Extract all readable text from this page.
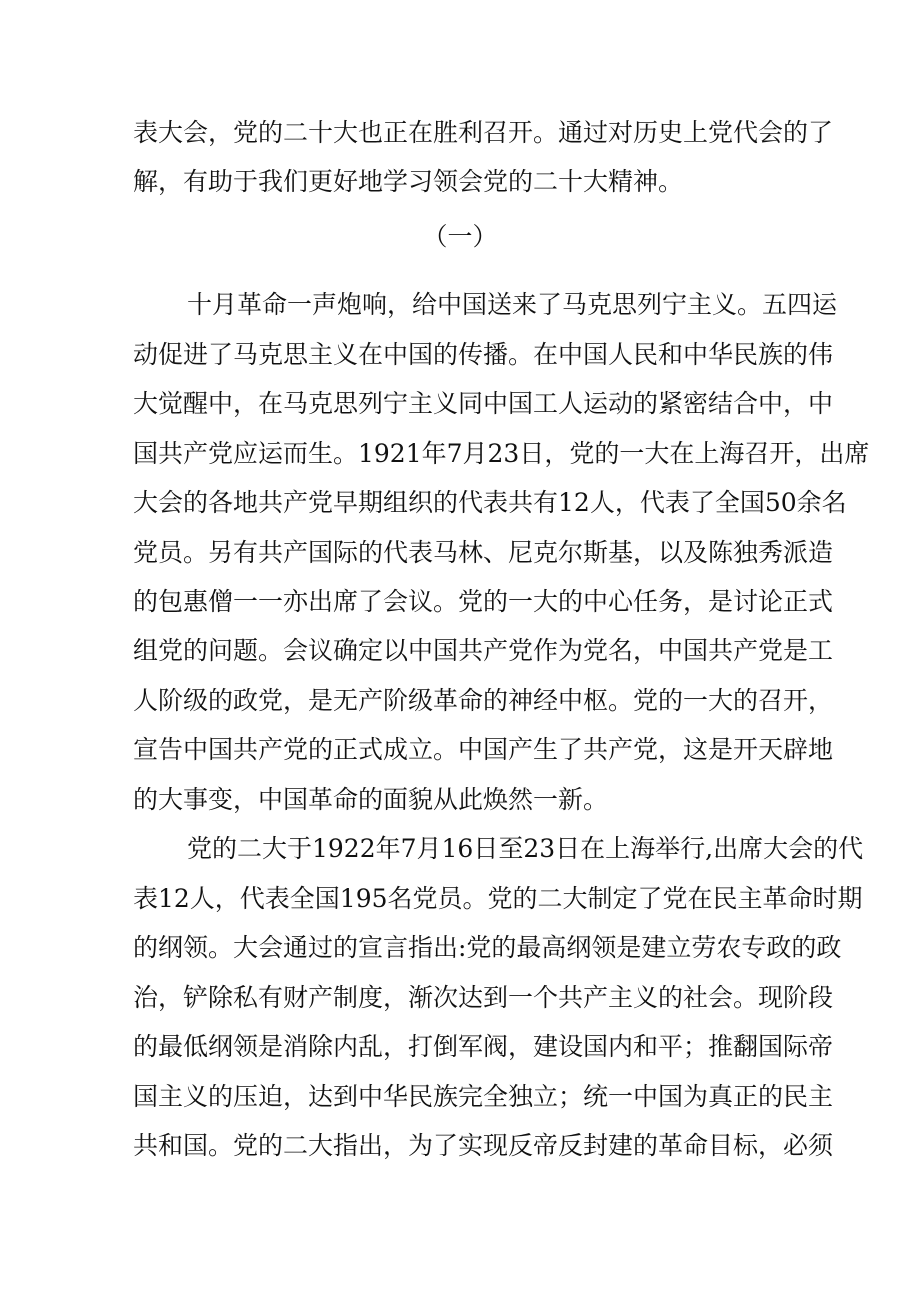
表大会，党的二十大也正在胜利召开。通过对历史上党代会的了
解，有助于我们更好地学习领会党的二十大精神。
（一）
十月革命一声炮响，给中国送来了马克思列宁主义。五四运
动促进了马克思主义在中国的传播。在中国人民和中华民族的伟
大觉醒中，在马克思列宁主义同中国工人运动的紧密结合中，中
国共产党应运而生。1921年7月23日，党的一大在上海召开，出席
大会的各地共产党早期组织的代表共有12人，代表了全国50余名
党员。另有共产国际的代表马林、尼克尔斯基，以及陈独秀派造
的包惠僧一一亦出席了会议。党的一大的中心任务，是讨论正式
组党的问题。会议确定以中国共产党作为党名，中国共产党是工
人阶级的政党，是无产阶级革命的神经中枢。党的一大的召开，
宣告中国共产党的正式成立。中国产生了共产党，这是开天辟地
的大事变，中国革命的面貌从此焕然一新。
党的二大于1922年7月16日至23日在上海举行,出席大会的代
表12人，代表全国195名党员。党的二大制定了党在民主革命时期
的纲领。大会通过的宣言指出:党的最高纲领是建立劳农专政的政
治，铲除私有财产制度，渐次达到一个共产主义的社会。现阶段
的最低纲领是消除内乱，打倒军阀，建设国内和平；推翻国际帝
国主义的压迫，达到中华民族完全独立；统一中国为真正的民主
共和国。党的二大指出，为了实现反帝反封建的革命目标，必须
